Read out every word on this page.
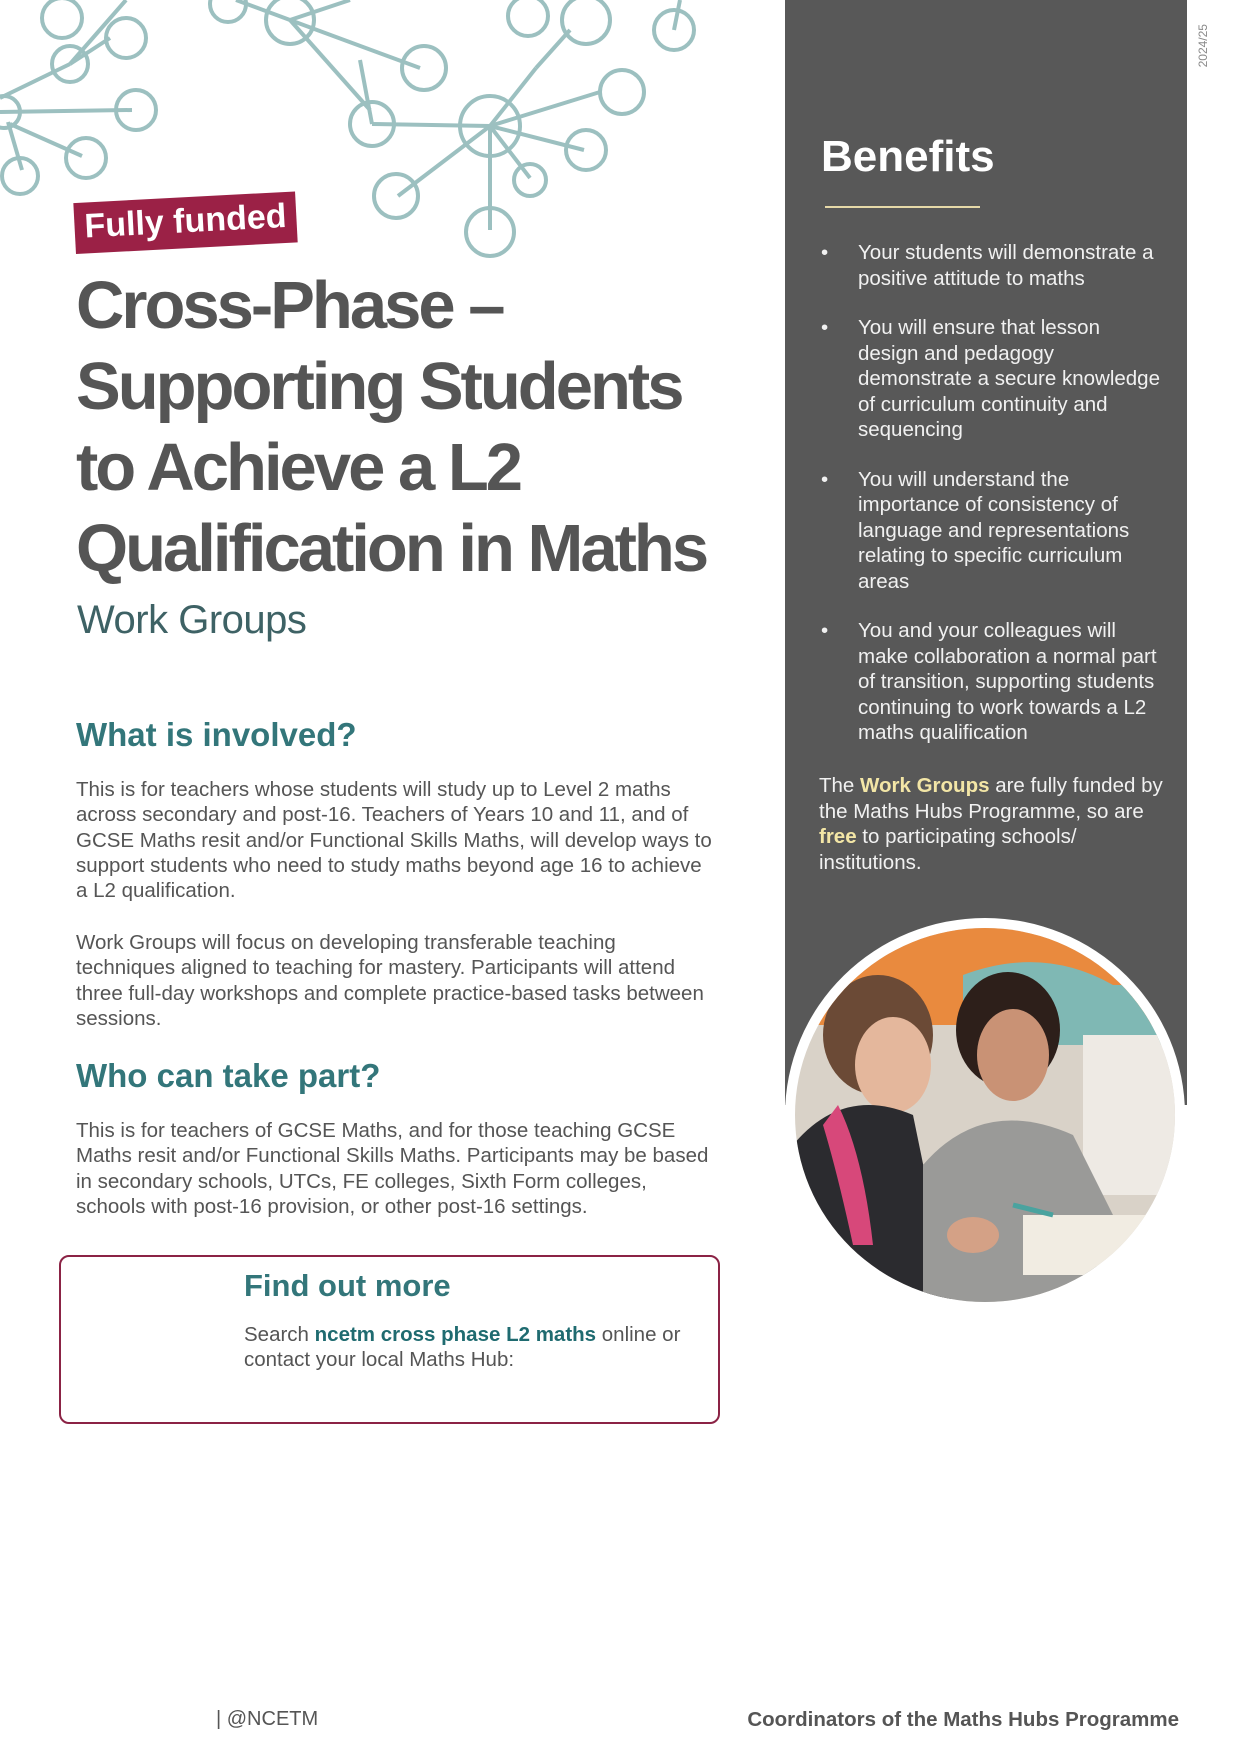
Fully funded
Cross-Phase –
Supporting Students
to Achieve a L2
Qualification in Maths
Work Groups
What is involved?

This is for teachers whose students will study up to Level 2 maths across secondary and post-16. Teachers of Years 10 and 11, and of GCSE Maths resit and/or Functional Skills Maths, will develop ways to support students who need to study maths beyond age 16 to achieve a L2 qualification.

Work Groups will focus on developing transferable teaching techniques aligned to teaching for mastery. Participants will attend three full-day workshops and complete practice-based tasks between sessions.

Who can take part?

This is for teachers of GCSE Maths, and for those teaching GCSE Maths resit and/or Functional Skills Maths. Participants may be based in secondary schools, UTCs, FE colleges, Sixth Form colleges, schools with post-16 provision, or other post-16 settings.

Find out more

Search ncetm cross phase L2 maths online or contact your local Maths Hub:

2024/25
Benefits
• Your students will demonstrate a positive attitude to maths
• You will ensure that lesson design and pedagogy demonstrate a secure knowledge of curriculum continuity and sequencing
• You will understand the importance of consistency of language and representations relating to specific curriculum areas
• You and your colleagues will make collaboration a normal part of transition, supporting students continuing to work towards a L2 maths qualification

The Work Groups are fully funded by the Maths Hubs Programme, so are free to participating schools/ institutions.

| @NCETM	Coordinators of the Maths Hubs Programme
